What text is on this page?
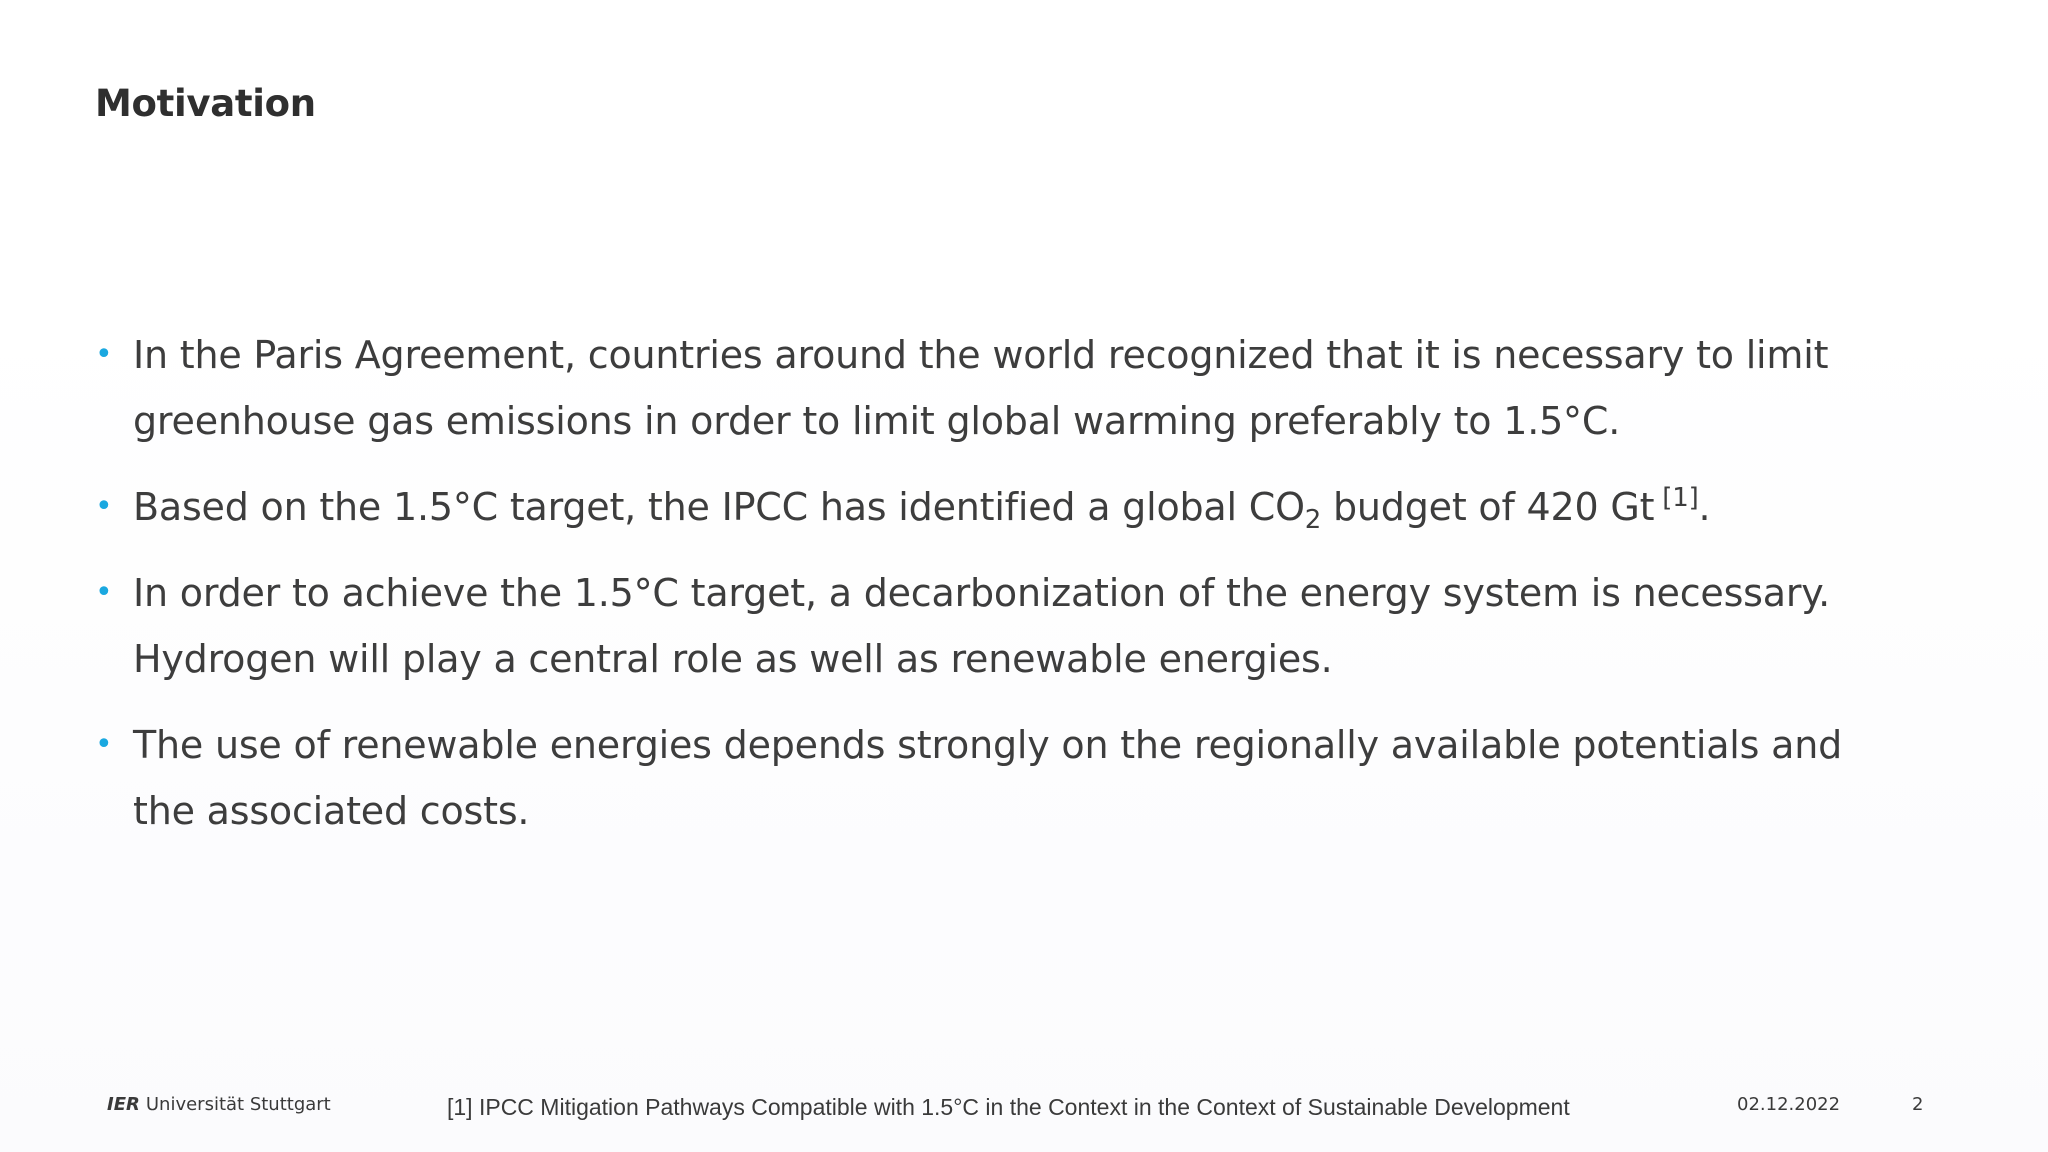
Motivation
• In the Paris Agreement, countries around the world recognized that it is necessary to limit
greenhouse gas emissions in order to limit global warming preferably to 1.5°C.
• Based on the 1.5°C target, the IPCC has identified a global $CO_2$ budget of 420 Gt [1].
• In order to achieve the 1.5°C target, a decarbonization of the energy system is necessary.
Hydrogen will play a central role as well as renewable energies.
• The use of renewable energies depends strongly on the regionally available potentials and
the associated costs.
IER Universität Stuttgart	[1] IPCC Mitigation Pathways Compatible with 1.5°C in the Context in the Context of Sustainable Development	02.12.2022	2
